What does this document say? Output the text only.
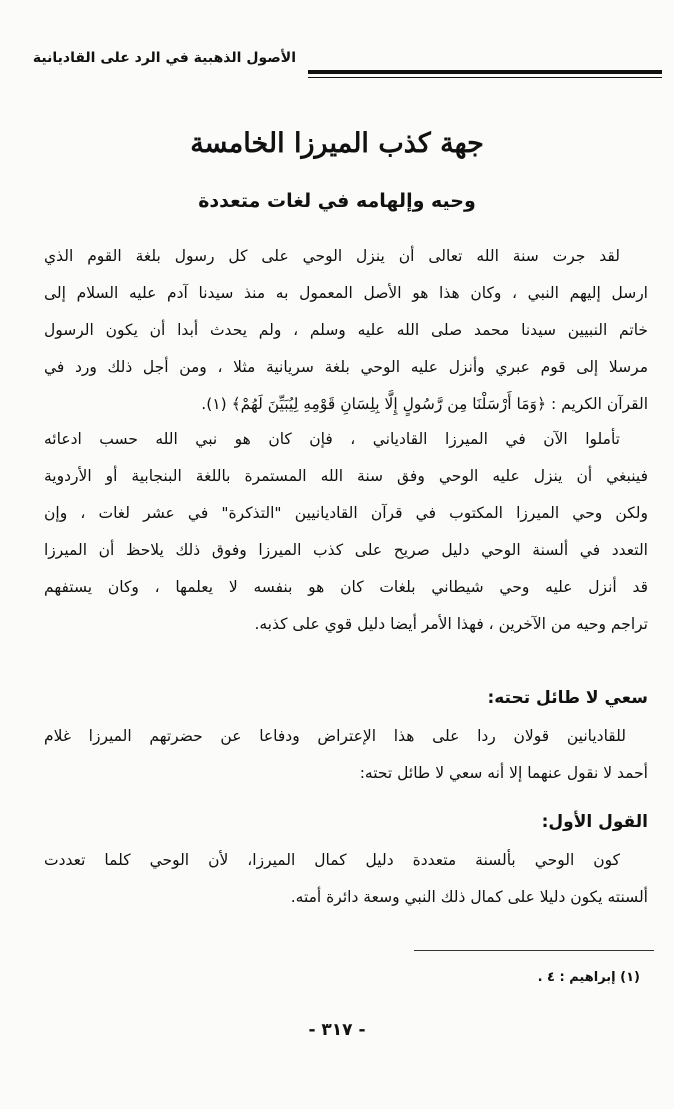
الأصول الذهبية في الرد على القاديانية
جهة كذب الميرزا الخامسة
وحيه وإلهامه في لغات متعددة
لقد جرت سنة الله تعالى أن ينزل الوحي على كل رسول بلغة القوم الذي
ارسل إليهم النبي ، وكان هذا هو الأصل المعمول به منذ سيدنا آدم عليه السلام إلى
خاتم النبيين سيدنا محمد صلى الله عليه وسلم ، ولم يحدث أبدا أن يكون الرسول
مرسلا إلى قوم عبري وأنزل عليه الوحي بلغة سريانية مثلا ، ومن أجل ذلك ورد في
القرآن الكريم : ﴿وَمَا أَرْسَلْنَا مِن رَّسُولٍ إِلَّا بِلِسَانِ قَوْمِهِ لِيُبَيِّنَ لَهُمْ﴾ (١).
تأملوا الآن في الميرزا القادياني ، فإن كان هو نبي الله حسب ادعائه
فينبغي أن ينزل عليه الوحي وفق سنة الله المستمرة باللغة البنجابية أو الأردوية
ولكن وحي الميرزا المكتوب في قرآن القاديانيين "التذكرة" في عشر لغات ، وإن
التعدد في ألسنة الوحي دليل صريح على كذب الميرزا وفوق ذلك يلاحظ أن الميرزا
قد أنزل عليه وحي شيطاني بلغات كان هو بنفسه لا يعلمها ، وكان يستفهم
تراجم وحيه من الآخرين ، فهذا الأمر أيضا دليل قوي على كذبه.
سعي لا طائل تحته:
للقاديانين قولان ردا على هذا الإعتراض ودفاعا عن حضرتهم الميرزا غلام
أحمد لا نقول عنهما إلا أنه سعي لا طائل تحته:
القول الأول:
كون الوحي بألسنة متعددة دليل كمال الميرزا، لأن الوحي كلما تعددت
ألسنته يكون دليلا على كمال ذلك النبي وسعة دائرة أمته.
(١) إبراهيم : ٤ .
- ٣١٧ -
